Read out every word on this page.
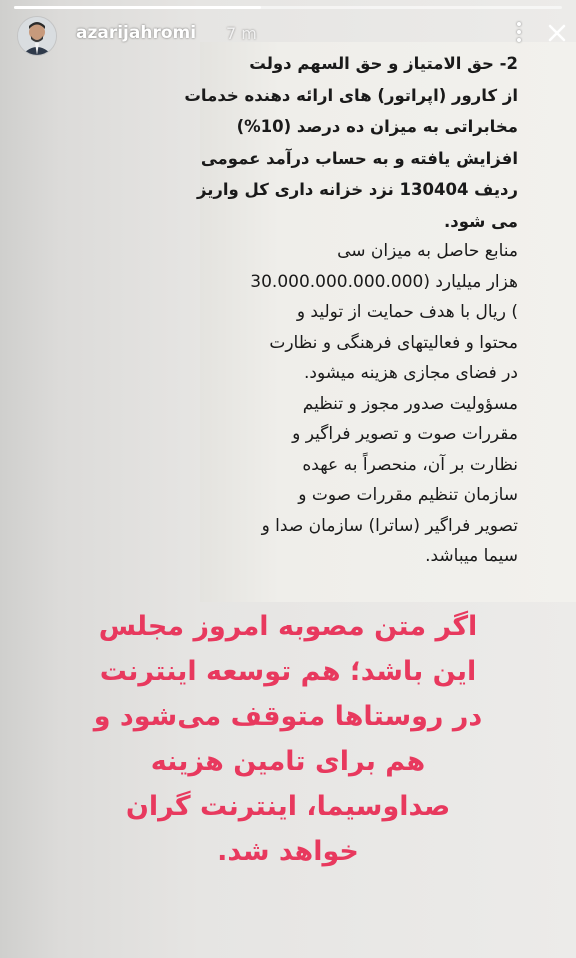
2- حق الامتیاز و حق السهم دولت
از کارور (اپراتور) های ارائه دهنده خدمات
مخابراتی به میزان ده درصد (10%)
افزایش یافته و به حساب درآمد عمومی
ردیف 130404 نزد خزانه داری کل واریز
می شود.
منابع حاصل به میزان سی
هزار میلیارد (30.000.000.000.000
) ریال با هدف حمایت از تولید و
محتوا و فعالیتهای فرهنگی و نظارت
در فضای مجازی هزینه میشود.
مسؤولیت صدور مجوز و تنظیم
مقررات صوت و تصویر فراگیر و
نظارت بر آن، منحصراً به عهده
سازمان تنظیم مقررات صوت و
تصویر فراگیر (ساترا) سازمان صدا و
سیما میباشد.
azarijahromi 7 m
اگر متن مصوبه امروز مجلس
این باشد؛ هم توسعه اینترنت
در روستاها متوقف می‌شود و
هم برای تامین هزینه
صداوسیما، اینترنت گران
خواهد شد.
